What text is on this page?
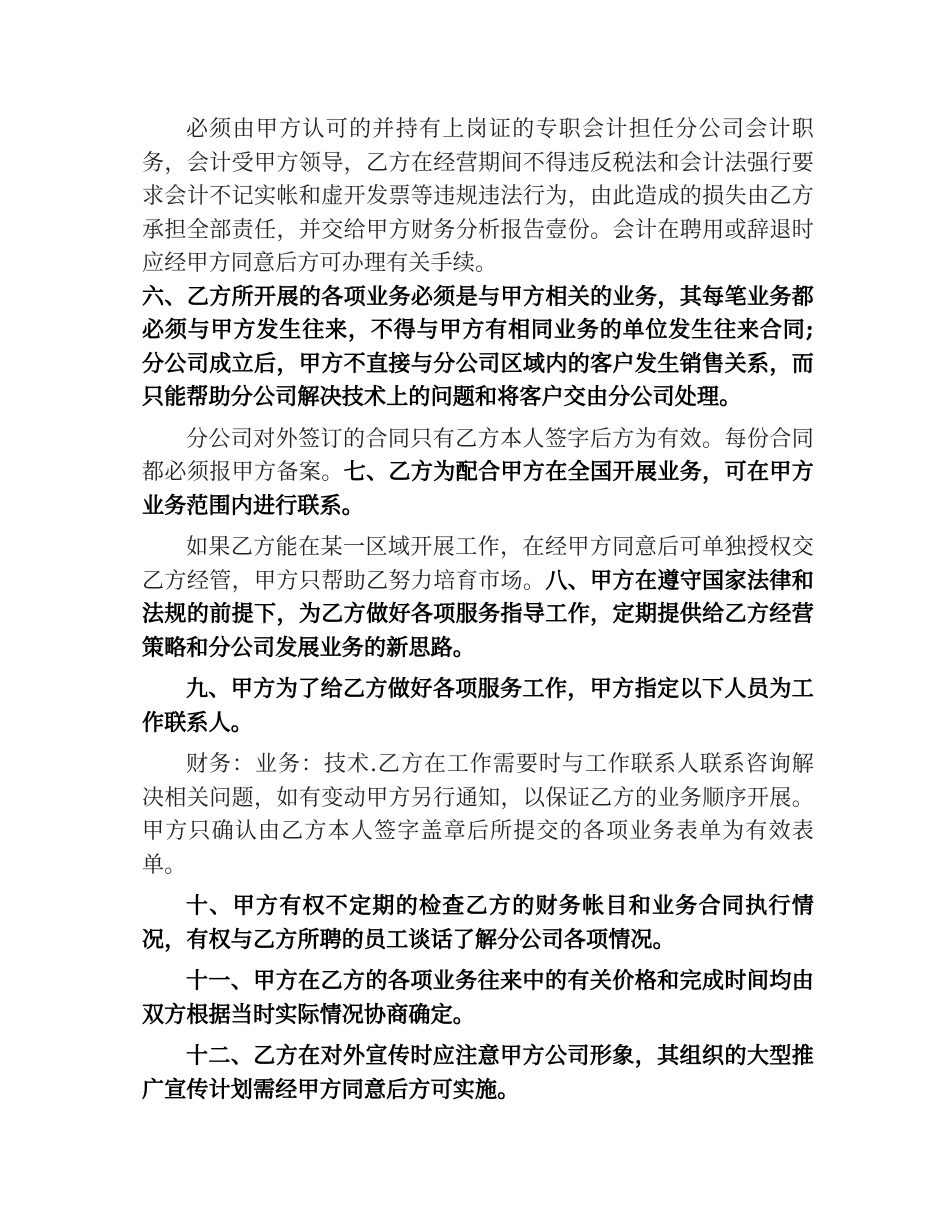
必须由甲方认可的并持有上岗证的专职会计担任分公司会计职务，会计受甲方领导，乙方在经营期间不得违反税法和会计法强行要求会计不记实帐和虚开发票等违规违法行为，由此造成的损失由乙方承担全部责任，并交给甲方财务分析报告壹份。会计在聘用或辞退时应经甲方同意后方可办理有关手续。

六、乙方所开展的各项业务必须是与甲方相关的业务，其每笔业务都必须与甲方发生往来，不得与甲方有相同业务的单位发生往来合同;分公司成立后，甲方不直接与分公司区域内的客户发生销售关系，而只能帮助分公司解决技术上的问题和将客户交由分公司处理。

分公司对外签订的合同只有乙方本人签字后方为有效。每份合同都必须报甲方备案。七、乙方为配合甲方在全国开展业务，可在甲方业务范围内进行联系。

如果乙方能在某一区域开展工作，在经甲方同意后可单独授权交乙方经管，甲方只帮助乙努力培育市场。八、甲方在遵守国家法律和法规的前提下，为乙方做好各项服务指导工作，定期提供给乙方经营策略和分公司发展业务的新思路。

九、甲方为了给乙方做好各项服务工作，甲方指定以下人员为工作联系人。

财务：业务：技术.乙方在工作需要时与工作联系人联系咨询解决相关问题，如有变动甲方另行通知，以保证乙方的业务顺序开展。甲方只确认由乙方本人签字盖章后所提交的各项业务表单为有效表单。

十、甲方有权不定期的检查乙方的财务帐目和业务合同执行情况，有权与乙方所聘的员工谈话了解分公司各项情况。

十一、甲方在乙方的各项业务往来中的有关价格和完成时间均由双方根据当时实际情况协商确定。

十二、乙方在对外宣传时应注意甲方公司形象，其组织的大型推广宣传计划需经甲方同意后方可实施。
